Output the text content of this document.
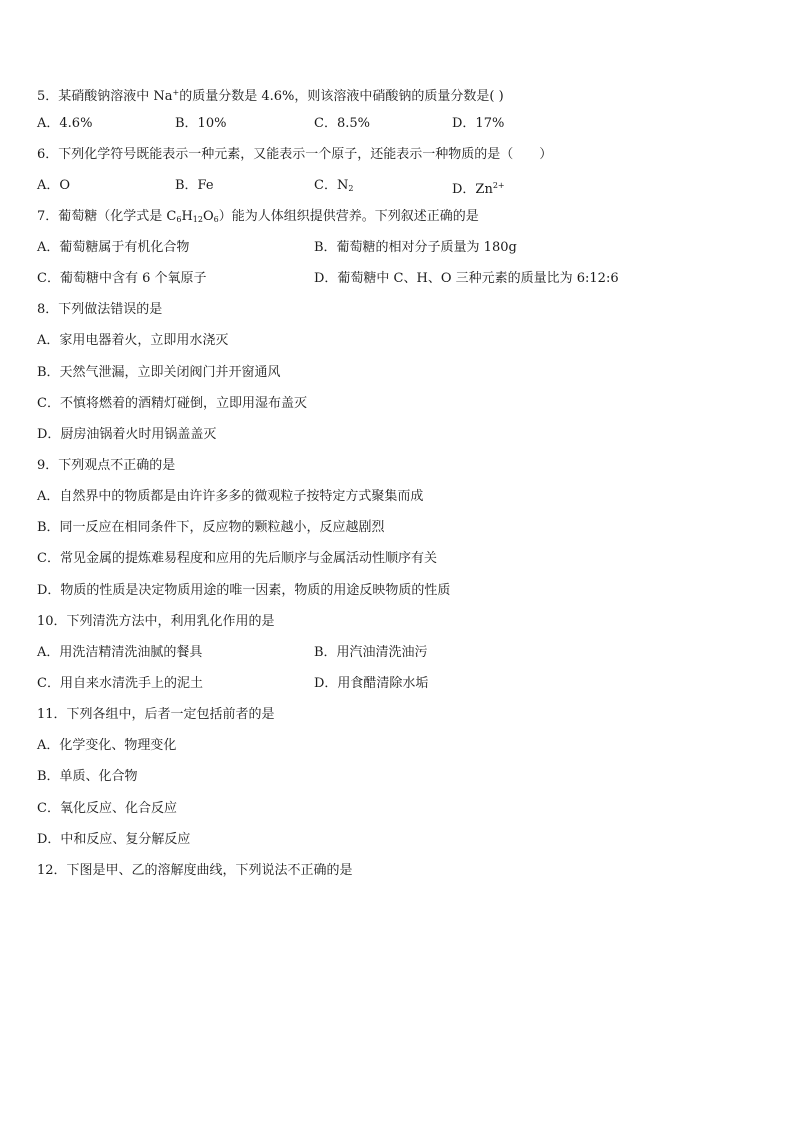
5．某硝酸钠溶液中 Na+的质量分数是 4.6%，则该溶液中硝酸钠的质量分数是( )
A．4.6%	B．10%	C．8.5%	D．17%
6．下列化学符号既能表示一种元素，又能表示一个原子，还能表示一种物质的是（　　）
A．O	B．Fe	C．$N_2$	D．$Zn^{2+}$
7．葡萄糖（化学式是 $C_6H_{12}O_6$）能为人体组织提供营养。下列叙述正确的是
A．葡萄糖属于有机化合物	B．葡萄糖的相对分子质量为 180g
C．葡萄糖中含有 6 个氧原子	D．葡萄糖中 C、H、O 三种元素的质量比为 6:12:6
8．下列做法错误的是
A．家用电器着火，立即用水浇灭
B．天然气泄漏，立即关闭阀门并开窗通风
C．不慎将燃着的酒精灯碰倒，立即用湿布盖灭
D．厨房油锅着火时用锅盖盖灭
9．下列观点不正确的是
A．自然界中的物质都是由许许多多的微观粒子按特定方式聚集而成
B．同一反应在相同条件下，反应物的颗粒越小，反应越剧烈
C．常见金属的提炼难易程度和应用的先后顺序与金属活动性顺序有关
D．物质的性质是决定物质用途的唯一因素，物质的用途反映物质的性质
10．下列清洗方法中，利用乳化作用的是
A．用洗洁精清洗油腻的餐具	B．用汽油清洗油污
C．用自来水清洗手上的泥土	D．用食醋清除水垢
11．下列各组中，后者一定包括前者的是
A．化学变化、物理变化
B．单质、化合物
C．氧化反应、化合反应
D．中和反应、复分解反应
12．下图是甲、乙的溶解度曲线，下列说法不正确的是
